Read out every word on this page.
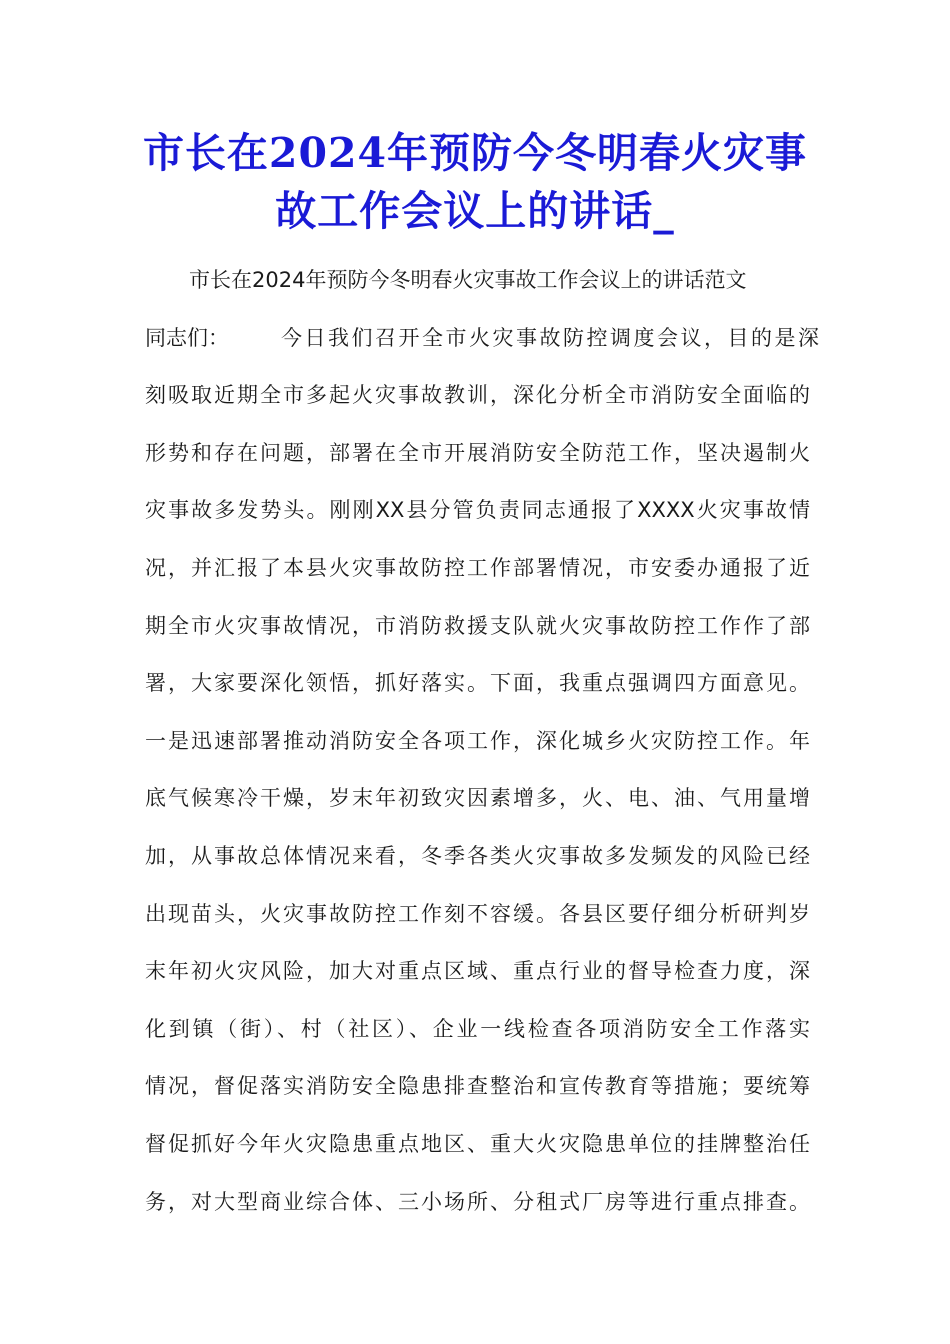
市长在2024年预防今冬明春火灾事
故工作会议上的讲话_
市长在2024年预防今冬明春火灾事故工作会议上的讲话范文
同志们： 今日我们召开全市火灾事故防控调度会议，目的是深
刻吸取近期全市多起火灾事故教训，深化分析全市消防安全面临的
形势和存在问题，部署在全市开展消防安全防范工作，坚决遏制火
灾事故多发势头。刚刚XX县分管负责同志通报了XXXX火灾事故情
况，并汇报了本县火灾事故防控工作部署情况，市安委办通报了近
期全市火灾事故情况，市消防救援支队就火灾事故防控工作作了部
署，大家要深化领悟，抓好落实。下面，我重点强调四方面意见。
一是迅速部署推动消防安全各项工作，深化城乡火灾防控工作。年
底气候寒冷干燥，岁末年初致灾因素增多，火、电、油、气用量增
加，从事故总体情况来看，冬季各类火灾事故多发频发的风险已经
出现苗头，火灾事故防控工作刻不容缓。各县区要仔细分析研判岁
末年初火灾风险，加大对重点区域、重点行业的督导检查力度，深
化到镇（街）、村（社区）、企业一线检查各项消防安全工作落实
情况，督促落实消防安全隐患排查整治和宣传教育等措施；要统筹
督促抓好今年火灾隐患重点地区、重大火灾隐患单位的挂牌整治任
务，对大型商业综合体、三小场所、分租式厂房等进行重点排查。
